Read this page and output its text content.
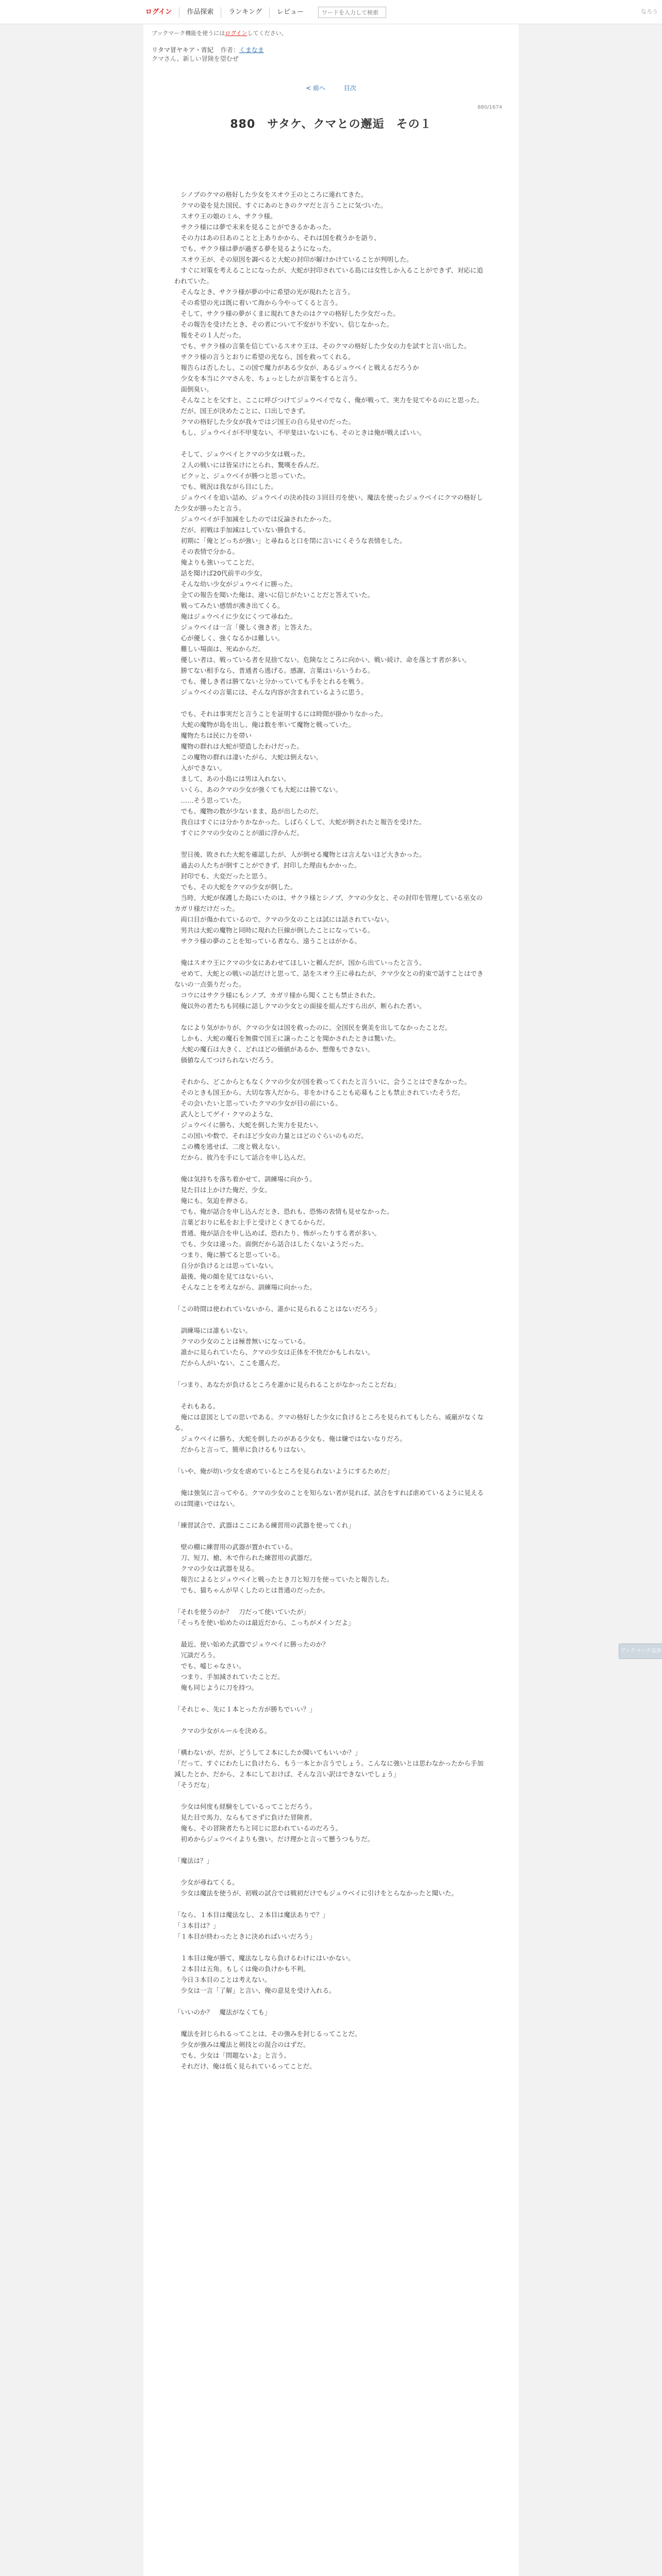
ログイン	作品探索	ランキング	レビュー
ワードを入力して検索	なろう
ブックマーク機能を使うにはログインしてください。
リタマ冒ヤキア・宵紀 作者：くまなま
クマさん、新しい冒険を望むぜ
< 前へ	目次
880/1674
880　サタケ、クマとの邂逅　その１

　シノブのクマの格好した少女をスオウ王のところに連れてきた。
　クマの姿を見た国民、すぐにあのときのクマだと言うことに気づいた。
　スオウ王の娘のミル、サクラ様。
　サクラ様には夢で未来を見ることができるかあった。
　その力はあの日あのことと上ありかから、それは国を救うかを語り、
　でも、サクラ様は夢が過ぎる夢を見るようになった。
　スオウ王が、その原因を調べると大蛇の封印が解けかけていることが判明した。
　すぐに対策を考えることになったが、大蛇が封印されている島には女性しか入ることができず、対応に追われていた。
　そんなとき、サクラ様が夢の中に希望の光が現れたと言う。
　その希望の光は既に着いて海から今やってくると言う。
　そして、サクラ様の夢がくまに現れてきたのはクマの格好した少女だった。
　その報告を受けたとき、その者について不安がり不安い、信じなかった。
　報をその１人だった。
　でも、サクラ様の言葉を信じているスオウ王は、そのクマの格好した少女の力を試すと言い出した。
　サクラ様の言うとおりに希望の光なら、国を救ってくれる。
　報告らは否したし、この国で魔力がある少女が、あるジュウベイと戦えるだろうか
　少女を本当にクマさんを、ちょっとしたが言葉をすると言う。
　面倒臭い。
　そんなことを父すと、ここに呼びつけてジュウベイでなく、俺が戦って、実力を見てやるのにと思った。
　だが、国王が決めたことに、口出しできず。
　クマの格好した少女が我々ではジ国王の自ら見せのだった。
　もし、ジュウベイが不甲斐ない、不甲斐はいないにも、そのときは俺が戦えばいい。

　そして、ジュウベイとクマの少女は戦った。
　２人の戦いには皆呆けにとられ、驚嘆を呑んだ。
　ピクッと、ジュウベイが勝つと思っていた。
　でも、戦況は我ながら目にした。
　ジュウベイを追い詰め、ジュウベイの決め技の３回目刃を使い、魔法を使ったジュウベイにクマの格好した少女が勝ったと言う。
　ジュウベイが手加減をしたのでは反論されたかった。
　だが、初戦は手加減はしていない勝負する。
　初期に「俺とどっちが強い」と尋ねると口を閉に言いにくそうな表情をした。
　その表情で分かる。
　俺よりも強いってことだ。
　話を聞けば20代前半の少女。
　そんな幼い少女がジュウベイに勝った。
　全ての報告を聞いた俺は、違いに信じがたいことだと答えていた。
　戦ってみたい感情が沸き出てくる。
　俺はジュウベイに少女にくつて尋ねた。
　ジュウベイは一言「優しく強き者」と答えた。
　心が優しく、強くなるかは難しい。
　難しい場面は、死ぬからだ。
　優しい者は、戦っている者を見捨てない。危険なところに向かい、戦い続け、命を落とす者が多い。
　勝てない相手なら、普通者ら逃げる。感謝、言葉はいらいうわる。
　でも、優しき者は勝てないと分かっていても手をとれるを戦う。
　ジュウベイの言葉には、そんな内容が含まれているように思う。

　でも、それは事実だと言うことを証明するには時間が掛かりなかった。
　大蛇の魔物が島を出し、俺は数を率いて魔物と戦っていた。
　魔物たちは民に力を帯い
　魔物の群れは大蛇が望造したわけだった。
　この魔物の群れは凄いたがら、大蛇は倒えない。
　入ができない。
　まして、あの小島には男は入れない。
　いくら、あのクマの少女が強くても大蛇には勝てない。
　……そう思っていた。
　でも、魔物の数が少ないまま、島が出したのだ。
　我自はすぐには分かりかなかった。しばらくして、大蛇が倒されたと報告を受けた。
　すぐにクマの少女のことが頭に浮かんだ。

　翌日後、敗された大蛇を確認したが、人が倒せる魔物とは言えないほど大きかった。
　過去の人たちが倒すことができず、封印した理由もかかった。
　封印でも、大変だったと思う。
　でも、その大蛇をクマの少女が倒した。
　当時、大蛇が保護した島にいたのは、サクラ様とシノブ、クマの少女と、その封印を管理している巫女のカガリ様だけだった。
　両口目が傷かれているので、クマの少女のことは試には話されていない。
　男共は大蛇の魔物と同時に現れた巨線が倒したことになっている。
　サクラ様の夢のことを知っている者なら、遠うことはがかる。

　俺はスオウ王にクマの少女にあわせてほしいと頼んだが、国から出ていったと言う。
　せめて、大蛇との戦いの話だけと思って、話をスオウ王に尋ねたが、クマ少女との約束で話すことはできないの一点張りだった。
　コウにはサクラ様にもシノブ、カガリ様から聞くことも禁止された。
　俺以外の者たちも同様に話しクマの少女との面接を組んだすら出が、断られた者い。

　なにより気がかりが、クマの少女は国を救ったのに、全国民を褒美を出してなかったことだ。
　しかも、大蛇の魔石を無償で国王に譲ったことを聞かされたときは驚いた。
　大蛇の魔石は大きく、どれほどの価値があるか、想像もできない。
　価値なんてつけられないだろう。

　それから、どこからともなくクマの少女が国を救ってくれたと言ういに、会うことはできなかった。
　そのときも国王から、大切な客人だから、非をかけることも応募もことも禁止されていたそうだ。
　その会いたいと思っていたクマの少女が目の前にいる。
　武人としてゲイ・クマのような、
　ジュウベイに勝ち、大蛇を倒した実力を見たい。
　この国いや数で、それほど少女の力量とはどのぐらいのものだ。
　この機を逃せば、二度と戦えない。
　だから、彼乃を手にして話合を申し込んだ。

　俺は気持ちを落ち着かせて、訓練場に向かう。
　見た目は上かけた俺だ、少女。
　俺にも、気迫を押さる。
　でも、俺が話合を申し込んだとき、恐れも、恐怖の表情も見せなかった。
　言葉どおりに私をお上手と受けとくきてるからだ。
　普通、俺が話合を申し込めば、恐れたり、怖がったりする者が多い。
　でも、少女は違った。面倒だから話合はしたくないようだった。
　つまり、俺に勝てると思っている。
　自分が負けるとは思っていない。
　最後、俺の顔を見てはないらい、
　そんなことを考えながら、訓練場に向かった。

「この時間は使われていないから、誰かに見られることはないだろう」

　訓練場には誰もいない。
　クマの少女のことは極普無いになっている。
　誰かに見られていたら、クマの少女は正体を不快だかもしれない。
　だから人がいない、ここを選んだ。

「つまり、あなたが負けるところを誰かに見られることがなかったことだね」

　それもある。
　俺には意図としての思いである。クマの格好した少女に負けるところを見られてもしたら、威厳がなくなる。
　ジュウベイに勝ち、大蛇を倒したのがある少女も、俺は嫌ではないなりだろ。
　だからと言って、簡単に負けるもりはない。

「いや、俺が幼い少女を虐めているところを見られないようにするためだ」

　俺は強気に言ってやる。クマの少女のことを知らない者が見れば、試合をすれば虐めているように見えるのは間違いではない。

「練習試合で、武器はここにある練習用の武器を使ってくれ」

　壁の棚に練習用の武器が置かれている。
　刀、短刀、槍、木で作られた練習用の武器だ。
　クマの少女は武器を見る。
　報告によるとジュウベイと戦ったとき刀と短刀を使っていたと報告した。
　でも、猫ちゃんが早くしたのとは普通のだったか。

「それを使うのか？　刀だって使いていたが」
「そっちを使い始めたのは最近だから、こっちがメインだよ」

　最近、使い始めた武器でジュウベイに勝ったのか？
　冗談だろう。
　でも、嘘じゃなさい。
　つまり、手加減されていたことだ。
　俺も同じように刀を持つ。

「それじゃ、先に１本とった方が勝ちでいい？」

　クマの少女がルールを決める。

「構わないが、だが、どうして２本にしたか聞いてもいいか？」
「だって、すぐにわたしに負けたら、もう一本とか言うでしょう。こんなに強いとは思わなかったから手加減したとか、だから、２本にしておけば、そんな言い訳はできないでしょう」
「そうだな」

　少女は何度も経験をしているってことだろう。
　見た目で馬力、ならもてさずに負けた冒険者。
　俺も、その冒険者たちと同じに思われているのだろう。
　初めからジュウベイよりも強い。だけ理かと言って懸うつもりだ。

「魔法は？」

　少女が尋ねてくる。
　少女は魔法を使うが、初戦の試合では戦初だけでもジュウベイに引けをとらなかったと聞いた。

「なら、１本目は魔法なし、２本目は魔法ありで？」
「３本目は？」
「１本目が終わったときに決めればいいだろう」

　１本目は俺が勝て、魔法なしなら負けるわけにはいかない。
　２本目は五角。もしくは俺の負けかも不利。
　今日３本目のことは考えない。
　少女は一言「了解」と言い、俺の意見を受け入れる。

「いいのか？　魔法がなくても」

　魔法を封じられるってことは、その強みを封じるってことだ。
　少女が強みは魔法と剣技との混合のはずだ。
　でも、少女は「問題ないよ」と言う。
　それだけ、俺は低く見られているってことだ。

ブックマーク追加
